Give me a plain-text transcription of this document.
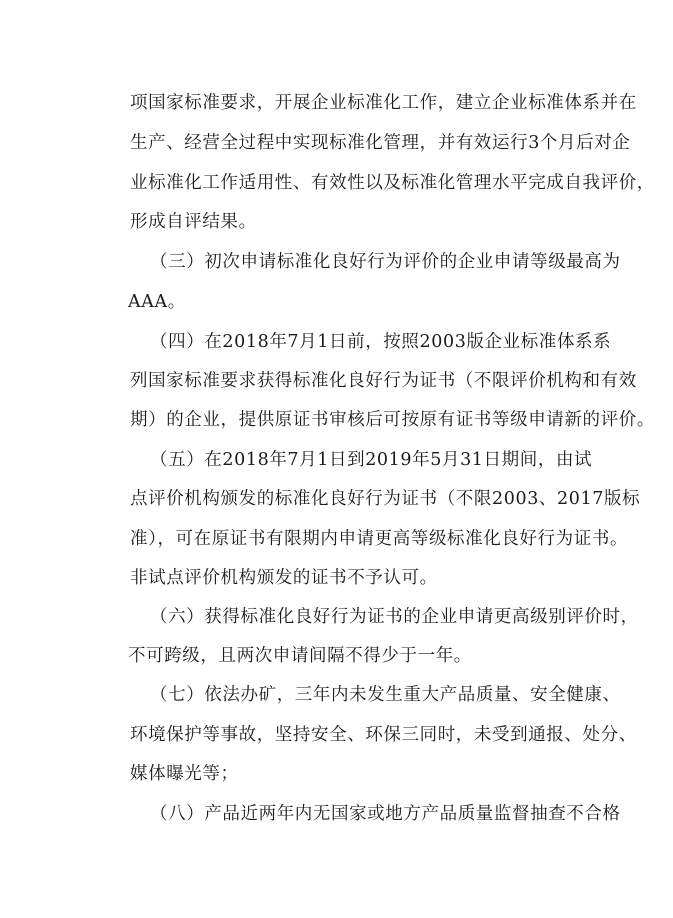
项国家标准要求，开展企业标准化工作，建立企业标准体系并在
生产、经营全过程中实现标准化管理，并有效运行3个月后对企
业标准化工作适用性、有效性以及标准化管理水平完成自我评价，
形成自评结果。
（三）初次申请标准化良好行为评价的企业申请等级最高为
AAA。
（四）在2018年7月1日前，按照2003版企业标准体系系
列国家标准要求获得标准化良好行为证书（不限评价机构和有效
期）的企业，提供原证书审核后可按原有证书等级申请新的评价。
（五）在2018年7月1日到2019年5月31日期间，由试
点评价机构颁发的标准化良好行为证书（不限2003、2017版标
准），可在原证书有限期内申请更高等级标准化良好行为证书。
非试点评价机构颁发的证书不予认可。
（六）获得标准化良好行为证书的企业申请更高级别评价时，
不可跨级，且两次申请间隔不得少于一年。
（七）依法办矿，三年内未发生重大产品质量、安全健康、
环境保护等事故，坚持安全、环保三同时，未受到通报、处分、
媒体曝光等；
（八）产品近两年内无国家或地方产品质量监督抽查不合格
